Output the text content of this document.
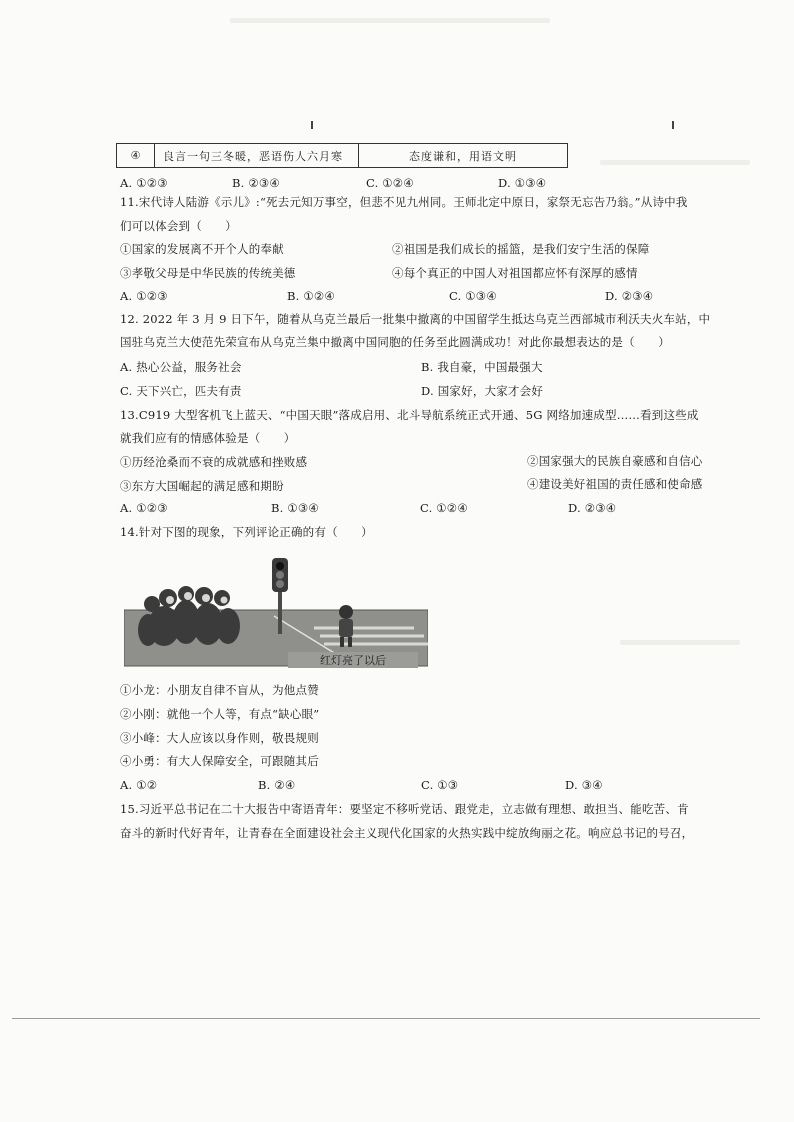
④	良言一句三冬暖，恶语伤人六月寒	态度谦和，用语文明
A. ①②③	B. ②③④	C. ①②④	D. ①③④
11.宋代诗人陆游《示儿》:“死去元知万事空，但悲不见九州同。王师北定中原日，家祭无忘告乃翁。”从诗中我
们可以体会到（　　）
①国家的发展离不开个人的奉献	②祖国是我们成长的摇篮，是我们安宁生活的保障
③孝敬父母是中华民族的传统美德	④每个真正的中国人对祖国都应怀有深厚的感情
A. ①②③	B. ①②④	C. ①③④	D. ②③④
12. 2022 年 3 月 9 日下午，随着从乌克兰最后一批集中撤离的中国留学生抵达乌克兰西部城市利沃夫火车站，中
国驻乌克兰大使范先荣宣布从乌克兰集中撤离中国同胞的任务至此圆满成功！对此你最想表达的是（　　）
A. 热心公益，服务社会	B. 我自豪，中国最强大
C. 天下兴亡，匹夫有责	D. 国家好，大家才会好
13.C919 大型客机飞上蓝天、“中国天眼”落成启用、北斗导航系统正式开通、5G 网络加速成型……看到这些成
就我们应有的情感体验是（　　）
①历经沧桑而不衰的成就感和挫败感	②国家强大的民族自豪感和自信心
③东方大国崛起的满足感和期盼	④建设美好祖国的责任感和使命感
A. ①②③	B. ①③④	C. ①②④	D. ②③④
14.针对下图的现象，下列评论正确的有（　　）
红灯亮了以后
①小龙：小朋友自律不盲从，为他点赞
②小刚：就他一个人等，有点“缺心眼”
③小峰：大人应该以身作则，敬畏规则
④小勇：有大人保障安全，可跟随其后
A. ①②	B. ②④	C. ①③	D. ③④
15.习近平总书记在二十大报告中寄语青年：要坚定不移听党话、跟党走，立志做有理想、敢担当、能吃苦、肯
奋斗的新时代好青年，让青春在全面建设社会主义现代化国家的火热实践中绽放绚丽之花。响应总书记的号召，
